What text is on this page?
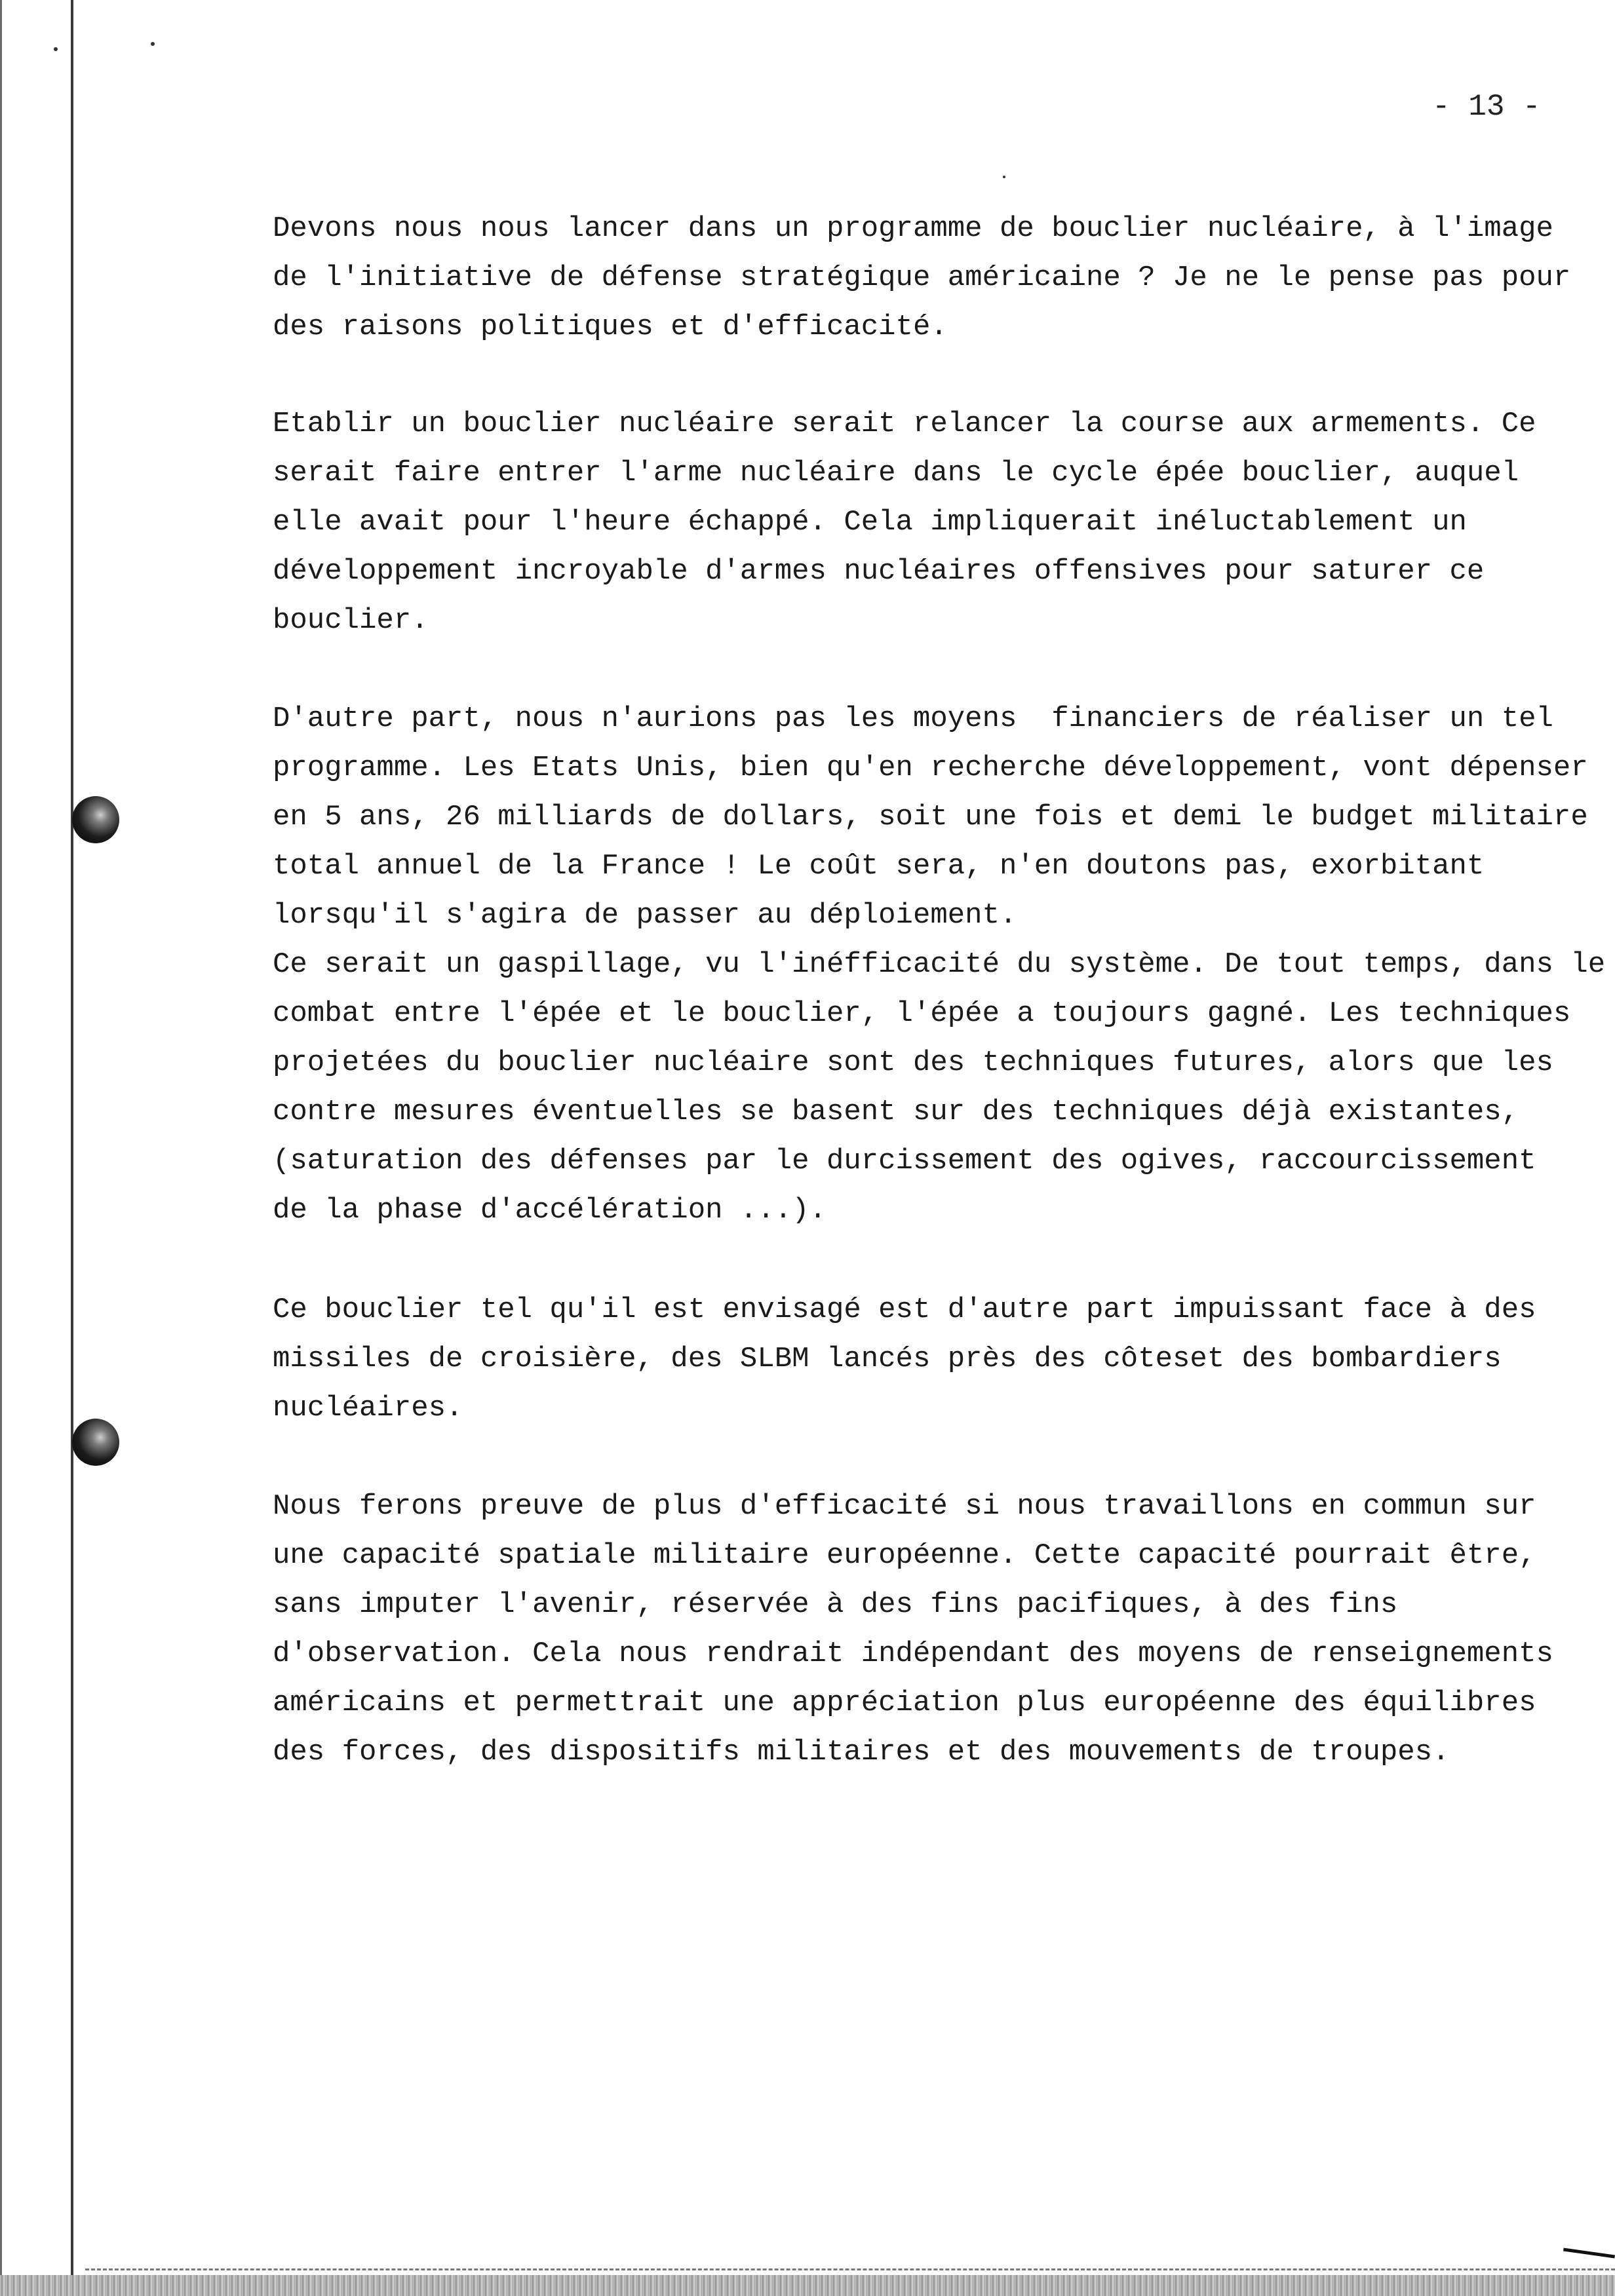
- 13 -
Devons nous nous lancer dans un programme de bouclier nucléaire, à l'image
de l'initiative de défense stratégique américaine ? Je ne le pense pas pour
des raisons politiques et d'efficacité.
Etablir un bouclier nucléaire serait relancer la course aux armements. Ce
serait faire entrer l'arme nucléaire dans le cycle épée bouclier, auquel
elle avait pour l'heure échappé. Cela impliquerait inéluctablement un
développement incroyable d'armes nucléaires offensives pour saturer ce
bouclier.
D'autre part, nous n'aurions pas les moyens  financiers de réaliser un tel
programme. Les Etats Unis, bien qu'en recherche développement, vont dépenser
en 5 ans, 26 milliards de dollars, soit une fois et demi le budget militaire
total annuel de la France ! Le coût sera, n'en doutons pas, exorbitant
lorsqu'il s'agira de passer au déploiement.
Ce serait un gaspillage, vu l'inéfficacité du système. De tout temps, dans le
combat entre l'épée et le bouclier, l'épée a toujours gagné. Les techniques
projetées du bouclier nucléaire sont des techniques futures, alors que les
contre mesures éventuelles se basent sur des techniques déjà existantes,
(saturation des défenses par le durcissement des ogives, raccourcissement
de la phase d'accélération ...).
Ce bouclier tel qu'il est envisagé est d'autre part impuissant face à des
missiles de croisière, des SLBM lancés près des côteset des bombardiers
nucléaires.
Nous ferons preuve de plus d'efficacité si nous travaillons en commun sur
une capacité spatiale militaire européenne. Cette capacité pourrait être,
sans imputer l'avenir, réservée à des fins pacifiques, à des fins
d'observation. Cela nous rendrait indépendant des moyens de renseignements
américains et permettrait une appréciation plus européenne des équilibres
des forces, des dispositifs militaires et des mouvements de troupes.
